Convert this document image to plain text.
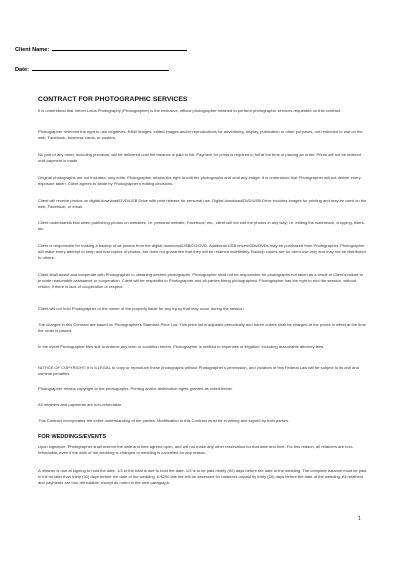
Client Name:
Date:
CONTRACT FOR PHOTOGRAPHIC SERVICES

It is understood that Velvet Lotus Photography (Photographer) is the exclusive, official photographer retained to perform photographic services requested on this contract.

Photographer reserves the right to use negatives, RAW images, edited images and/or reproductions for advertising, display, publication or other purposes, not restricted to use on the web, Facebook, business cards, or posters.

No part of any order, including previews, will be delivered until the balance is paid in full. Payment for prints is required in full at the time of placing an order. Prints will not be ordered until payment is made.

Original photographs are not included, only edits. Photographer retains the right to edit the photographs and omit any image. It is understood that Photographer will not deliver every exposure taken. Client agrees to abide by Photographer's editing decisions.

Client will receive photos on digital download/DVD/USB Drive with print release for personal use. Digital download/DVD/USB Drive includes images for printing and may be used on the web, Facebook, or email.

Client understands that when publishing photos on websites, i.e. personal website, Facebook, etc., client will not edit the photos in any way; i.e. editing the watermark, cropping, filters, etc.

Client is responsible for making a backup of all photos from the digital download/USB/CD/DVD. Additional USB drives/CDs/DVDs may be purchased from Photographer. Photographer will make every attempt to keep archival copies of photos, but does not guarantee that they will be retained indefinitely. Backup copies are for client use only and may not be distributed to others.

Client shall assist and cooperate with Photographer in obtaining desired photographs. Photographer shall not be responsible for photographs not taken as a result of Client's failure to provide reasonable assistance or cooperation. Client will be respectful to Photographer and all parties being photographed. Photographer has the right to end the session, without refund, if there is lack of cooperation or respect.

Client will not hold Photographer or the owner of the property liable for any injury that may occur during the session.

The charges in this Contract are based on Photographer's Standard Price List. This price list is adjusted periodically and future orders shall be charged at the prices in effect at the time the order is placed.

In the event Photographer files suit to enforce any term or condition herein, Photographer is entitled to expenses of litigation, including reasonable attorney fees.

NOTICE OF COPYRIGHT: It is ILLEGAL to copy or reproduce these photographs without Photographer's permission, and violators of this Federal Law will be subject to its civil and criminal penalties.

Photographer retains copyright to the photographs. Printing and/or distribution rights granted as noted below.

All retainers and payments are non-refundable.

This Contract incorporates the entire understanding of the parties. Modification to this Contract must be in writing and signed by both parties.

FOR WEDDINGS/EVENTS

Upon signature, Photographer shall reserve the date and time agreed upon, and will not make any other reservation for that date and time. For this reason, all retainers are non-refundable, even if the date of the wedding is changed or wedding is cancelled for any reason.

A retainer is due at signing to hold the date. 1/3 of the total is due to hold the date. 1/3 is to be paid ninety (90) days before the date of the wedding. The complete balance must be paid in full no later than thirty (30) days before the date of the wedding. A $200 late fee will be assessed for balances unpaid by thirty (30) days before the date of the wedding. All retainers and payments are non-refundable, except as noted in the next paragraph.

1
